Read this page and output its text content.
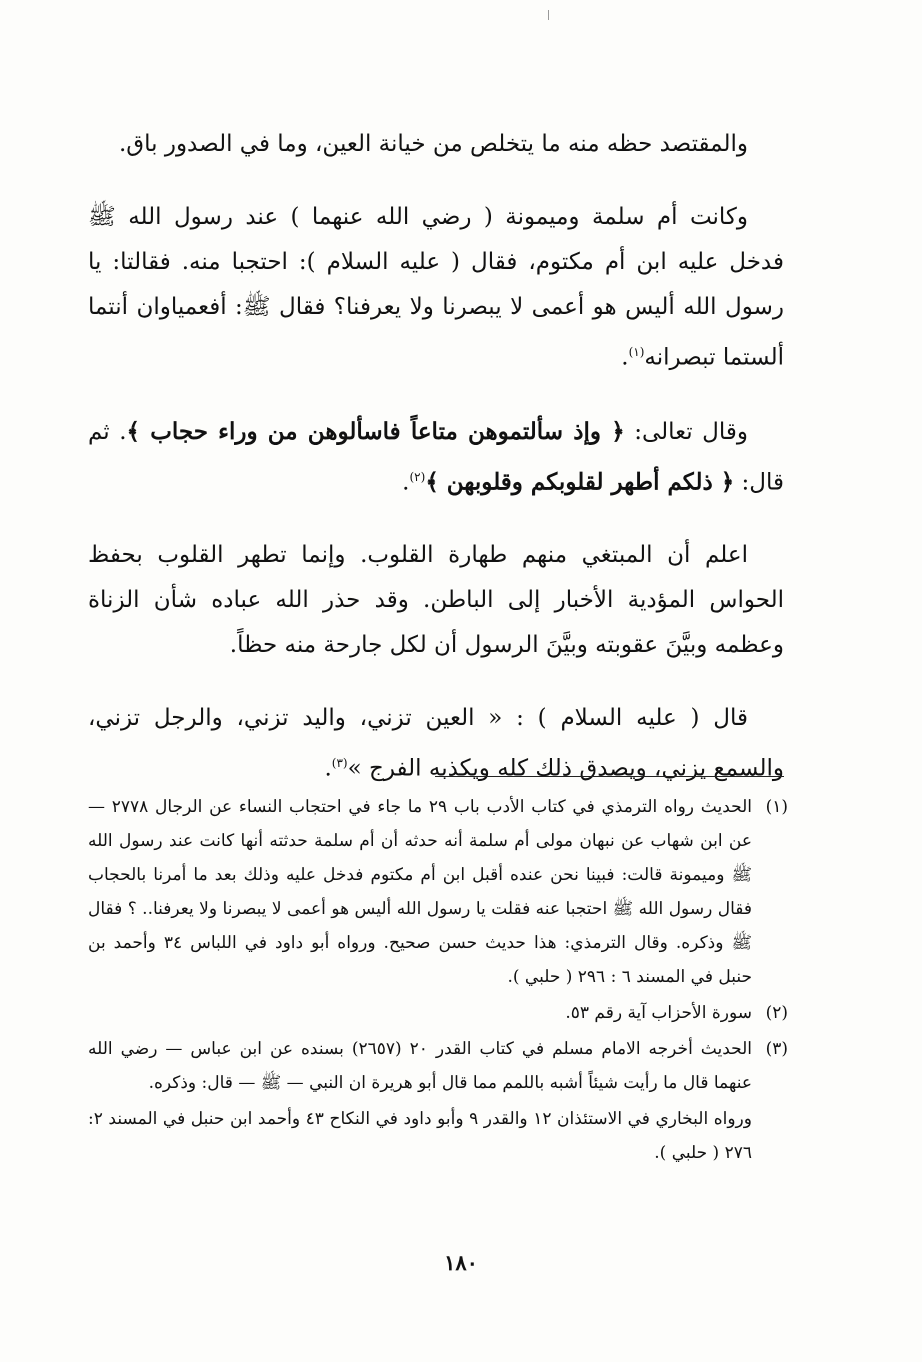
والمقتصد حظه منه ما يتخلص من خيانة العين، وما في الصدور باق.

وكانت أم سلمة وميمونة ( رضي الله عنهما ) عند رسول الله ﷺ فدخل عليه ابن أم مكتوم، فقال ( عليه السلام ): احتجبا منه. فقالتا: يا رسول الله أليس هو أعمى لا يبصرنا ولا يعرفنا؟ فقال ﷺ: أفعمياوان أنتما ألستما تبصرانه$^{(١)}$.

وقال تعالى: ﴿ وإذ سألتموهن متاعاً فاسألوهن من وراء حجاب ﴾. ثم قال: ﴿ ذلكم أطهر لقلوبكم وقلوبهن ﴾$^{(٢)}$.

اعلم أن المبتغي منهم طهارة القلوب. وإنما تطهر القلوب بحفظ الحواس المؤدية الأخبار إلى الباطن. وقد حذر الله عباده شأن الزناة وعظمه وبيَّنَ عقوبته وبيَّنَ الرسول أن لكل جارحة منه حظاً.

قال ( عليه السلام ) : « العين تزني، واليد تزني، والرجل تزني، والسمع يزني، ويصدق ذلك كله ويكذبه الفرج »$^{(٣)}$.

(١)
الحديث رواه الترمذي في كتاب الأدب باب ٢٩ ما جاء في احتجاب النساء عن الرجال ٢٧٧٨ — عن ابن شهاب عن نبهان مولى أم سلمة أنه حدثه أن أم سلمة حدثته أنها كانت عند رسول الله ﷺ وميمونة قالت: فبينا نحن عنده أقبل ابن أم مكتوم فدخل عليه وذلك بعد ما أمرنا بالحجاب فقال رسول الله ﷺ احتجبا عنه فقلت يا رسول الله أليس هو أعمى لا يبصرنا ولا يعرفنا.. ؟ فقال ﷺ وذكره. وقال الترمذي: هذا حديث حسن صحيح. ورواه أبو داود في اللباس ٣٤ وأحمد بن حنبل في المسند ٦ : ٢٩٦ ( حلبي ).

(٢)
سورة الأحزاب آية رقم ٥٣.

(٣)
الحديث أخرجه الامام مسلم في كتاب القدر ٢٠ (٢٦٥٧) بسنده عن ابن عباس — رضي الله عنهما قال ما رأيت شيئاً أشبه باللمم مما قال أبو هريرة ان النبي — ﷺ — قال: وذكره.

ورواه البخاري في الاستئذان ١٢ والقدر ٩ وأبو داود في النكاح ٤٣ وأحمد ابن حنبل في المسند ٢: ٢٧٦ ( حلبي ).

١٨٠
